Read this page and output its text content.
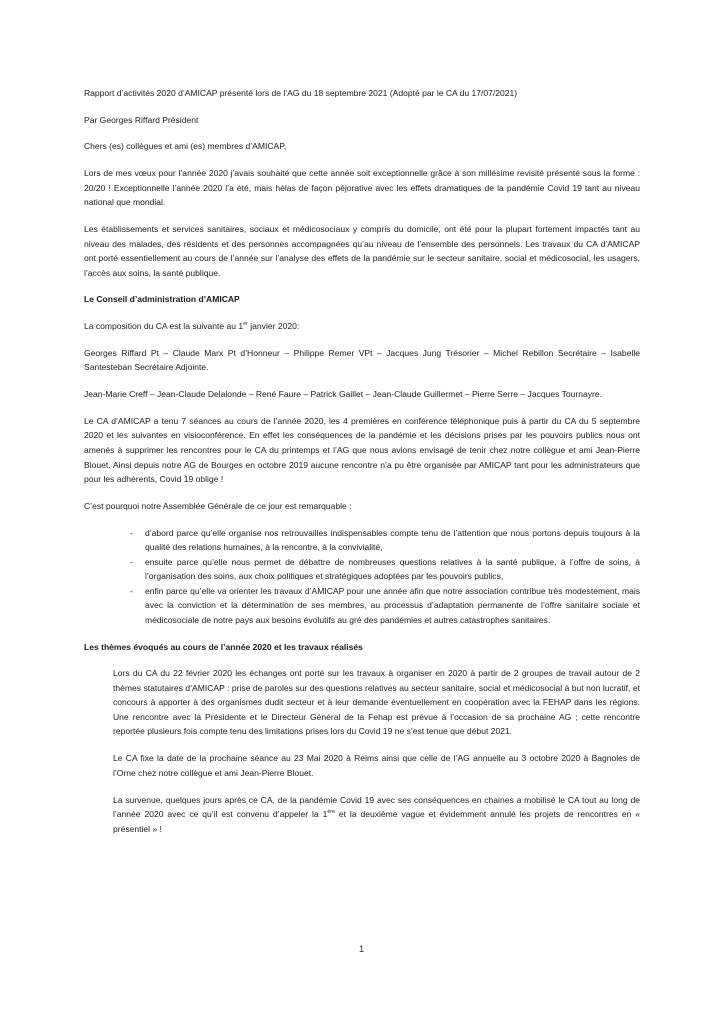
Rapport d’activités 2020 d’AMICAP présenté lors de l’AG du 18 septembre 2021 (Adopté par le CA du 17/07/2021)

Par Georges Riffard Président

Chers (es) collègues et ami (es) membres d’AMICAP,

Lors de mes vœux pour l’année 2020 j’avais souhaité que cette année soit exceptionnelle grâce à son millésime revisité présenté sous la forme : 20/20 ! Exceptionnelle l’année 2020 l’a été, mais hélas de façon péjorative avec les effets dramatiques de la pandémie Covid 19 tant au niveau national que mondial.

Les établissements et services sanitaires, sociaux et médicosociaux y compris du domicile, ont été pour la plupart fortement impactés tant au niveau des malades, des résidents et des personnes accompagnées qu’au niveau de l’ensemble des personnels. Les travaux du CA d’AMICAP ont porté essentiellement au cours de l’année sur l’analyse des effets de la pandémie sur le secteur sanitaire, social et médicosocial, les usagers, l’accès aux soins, la santé publique.

Le Conseil d’administration d’AMICAP

La composition du CA est la suivante au 1er janvier 2020:

Georges Riffard Pt – Claude Marx Pt d’Honneur – Philippe Remer VPt – Jacques Jung Trésorier – Michel Rebillon Secrétaire – Isabelle Santesteban Secrétaire Adjointe.

Jean-Marie Creff – Jean-Claude Delalonde – René Faure – Patrick Gaillet – Jean-Claude Guillermet – Pierre Serre – Jacques Tournayre.

Le CA d’AMICAP a tenu 7 séances au cours de l’année 2020, les 4 premières en conférence téléphonique puis à partir du CA du 5 septembre 2020 et les suivantes en visioconférence. En effet les conséquences de la pandémie et les décisions prises par les pouvoirs publics nous ont amenés à supprimer les rencontres pour le CA du printemps et l’AG que nous avions envisagé de tenir chez notre collègue et ami Jean-Pierre Blouet. Ainsi depuis notre AG de Bourges en octobre 2019 aucune rencontre n’a pu être organisée par AMICAP tant pour les administrateurs que pour les adhérents, Covid 19 oblige !

C’est pourquoi notre Assemblée Générale de ce jour est remarquable :

- d’abord parce qu’elle organise nos retrouvailles indispensables compte tenu de l’attention que nous portons depuis toujours à la qualité des relations humaines, à la rencontre, à la convivialité,
- ensuite parce qu’elle nous permet de débattre de nombreuses questions relatives à la santé publique, à l’offre de soins, à l’organisation des soins, aux choix politiques et stratégiques adoptées par les pouvoirs publics,
- enfin parce qu’elle va orienter les travaux d’AMICAP pour une année afin que notre association contribue très modestement, mais avec la conviction et la détermination de ses membres, au processus d’adaptation permanente de l’offre sanitaire sociale et médicosociale de notre pays aux besoins évolutifs au gré des pandémies et autres catastrophes sanitaires.

Les thèmes évoqués au cours de l’année 2020 et les travaux réalisés

Lors du CA du 22 février 2020 les échanges ont porté sur les travaux à organiser en 2020 à partir de 2 groupes de travail autour de 2 thèmes statutaires d’AMICAP : prise de paroles sur des questions relatives au secteur sanitaire, social et médicosocial à but non lucratif, et concours à apporter à des organismes dudit secteur et à leur demande éventuellement en coopération avec la FEHAP dans les régions. Une rencontre avec la Présidente et le Directeur Général de la Fehap est prévue à l’occasion de sa prochaine AG ; cette rencontre reportée plusieurs fois compte tenu des limitations prises lors du Covid 19 ne s’est tenue que début 2021.

Le CA fixe la date de la prochaine séance au 23 Mai 2020 à Reims ainsi que celle de l’AG annuelle au 3 octobre 2020 à Bagnoles de l’Orne chez notre collègue et ami Jean-Pierre Blouet.

La survenue, quelques jours après ce CA, de la pandémie Covid 19 avec ses conséquences en chaines a mobilisé le CA tout au long de l’année 2020 avec ce qu’il est convenu d’appeler la 1ère et la deuxième vague et évidemment annulé les projets de rencontres en « présentiel » !

1
